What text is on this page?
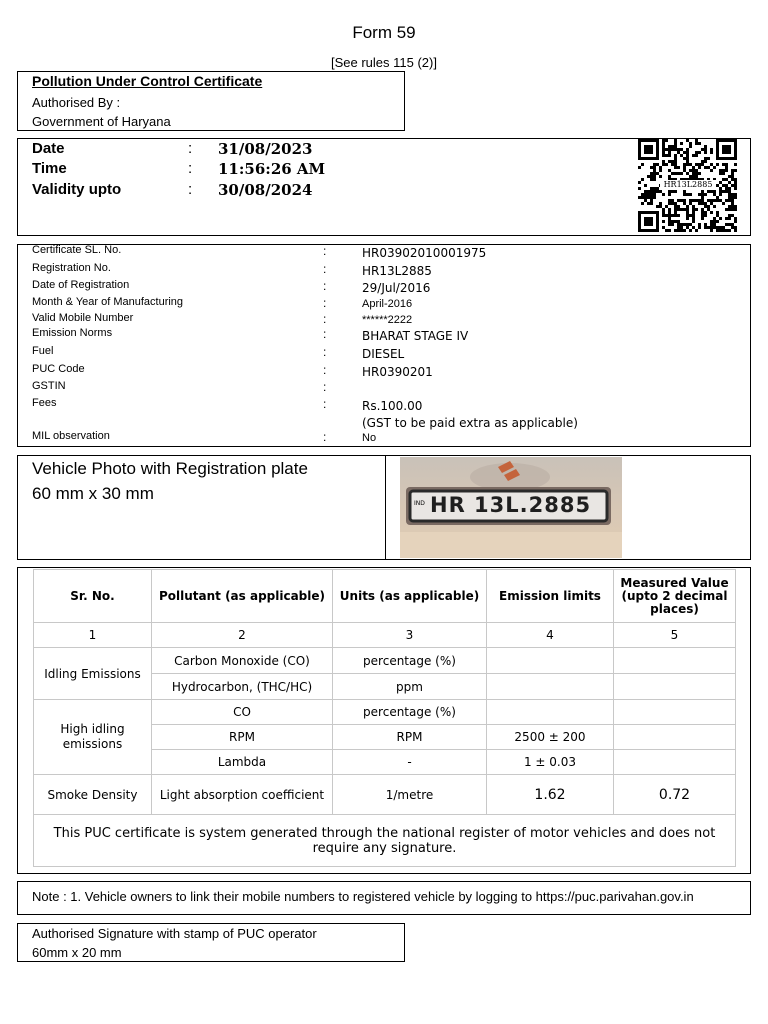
Form 59
[See rules 115 (2)]
Pollution Under Control Certificate
Authorised By :
Government of Haryana
Date	: 31/08/2023
Time	: 11:56:26 AM
Validity upto	: 30/08/2024	HR13L2885
Certificate SL. No.	:	HR03902010001975
Registration No.	:	HR13L2885
Date of Registration	:	29/Jul/2016
Month & Year of Manufacturing	:	April-2016
Valid Mobile Number	:	******2222
Emission Norms	:	BHARAT STAGE IV
Fuel	:	DIESEL
PUC Code	:	HR0390201
GSTIN	:
Fees	:	Rs.100.00
(GST to be paid extra as applicable)
MIL observation	:	No
Vehicle Photo with Registration plate
60 mm x 30 mm
IND HR 13L.2885
Sr. No.	Pollutant (as applicable)	Units (as applicable)	Emission limits	Measured Value (upto 2 decimal places)
1	2	3	4	5
Idling Emissions	Carbon Monoxide (CO)	percentage (%)		
	Hydrocarbon, (THC/HC)	ppm		
High idling emissions	CO	percentage (%)		
	RPM	RPM	2500 ± 200	
	Lambda	-	1 ± 0.03	
Smoke Density	Light absorption coefficient	1/metre	1.62	0.72
This PUC certificate is system generated through the national register of motor vehicles and does not require any signature.				
Note : 1. Vehicle owners to link their mobile numbers to registered vehicle by logging to https://puc.parivahan.gov.in
Authorised Signature with stamp of PUC operator
60mm x 20 mm
